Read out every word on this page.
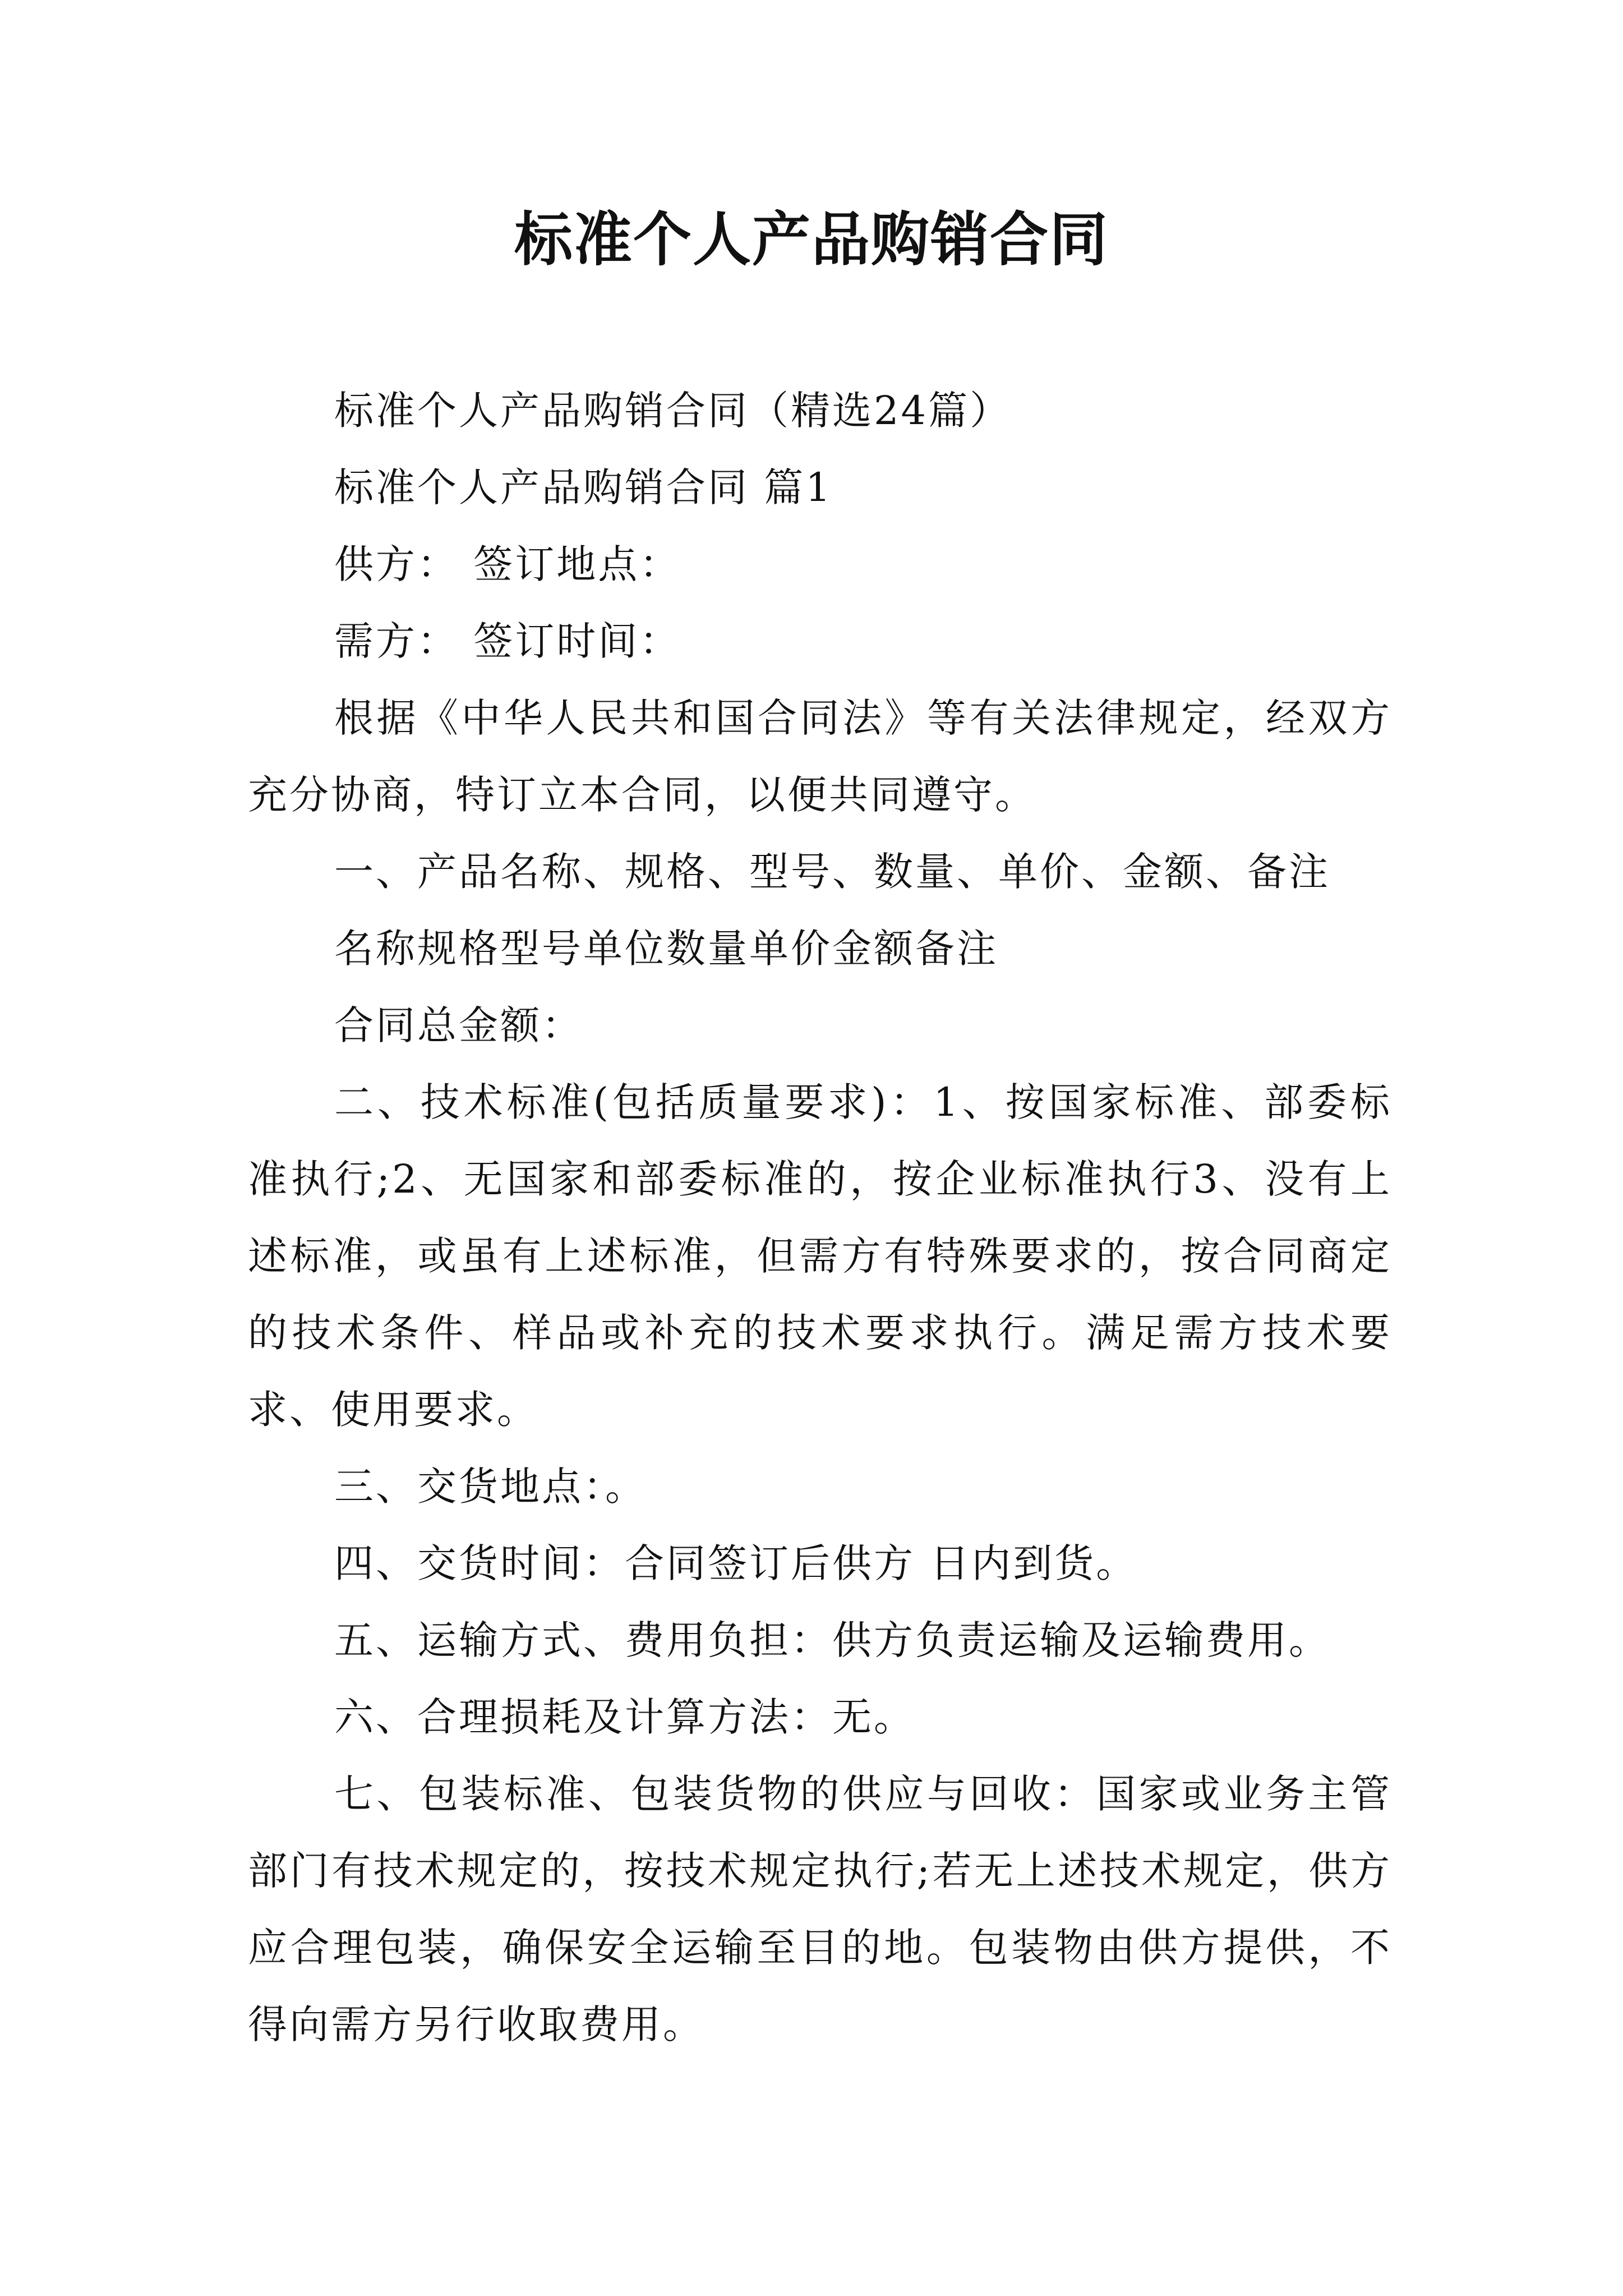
标准个人产品购销合同

标准个人产品购销合同（精选24篇）

标准个人产品购销合同 篇1

供方： 签订地点：

需方： 签订时间：

根据《中华人民共和国合同法》等有关法律规定，经双方充分协商，特订立本合同，以便共同遵守。

一、产品名称、规格、型号、数量、单价、金额、备注

名称规格型号单位数量单价金额备注

合同总金额：

二、技术标准(包括质量要求)：1、按国家标准、部委标准执行;2、无国家和部委标准的，按企业标准执行3、没有上述标准，或虽有上述标准，但需方有特殊要求的，按合同商定的技术条件、样品或补充的技术要求执行。满足需方技术要求、使用要求。

三、交货地点：。

四、交货时间：合同签订后供方 日内到货。

五、运输方式、费用负担：供方负责运输及运输费用。

六、合理损耗及计算方法：无。

七、包装标准、包装货物的供应与回收：国家或业务主管部门有技术规定的，按技术规定执行;若无上述技术规定，供方应合理包装，确保安全运输至目的地。包装物由供方提供，不得向需方另行收取费用。
